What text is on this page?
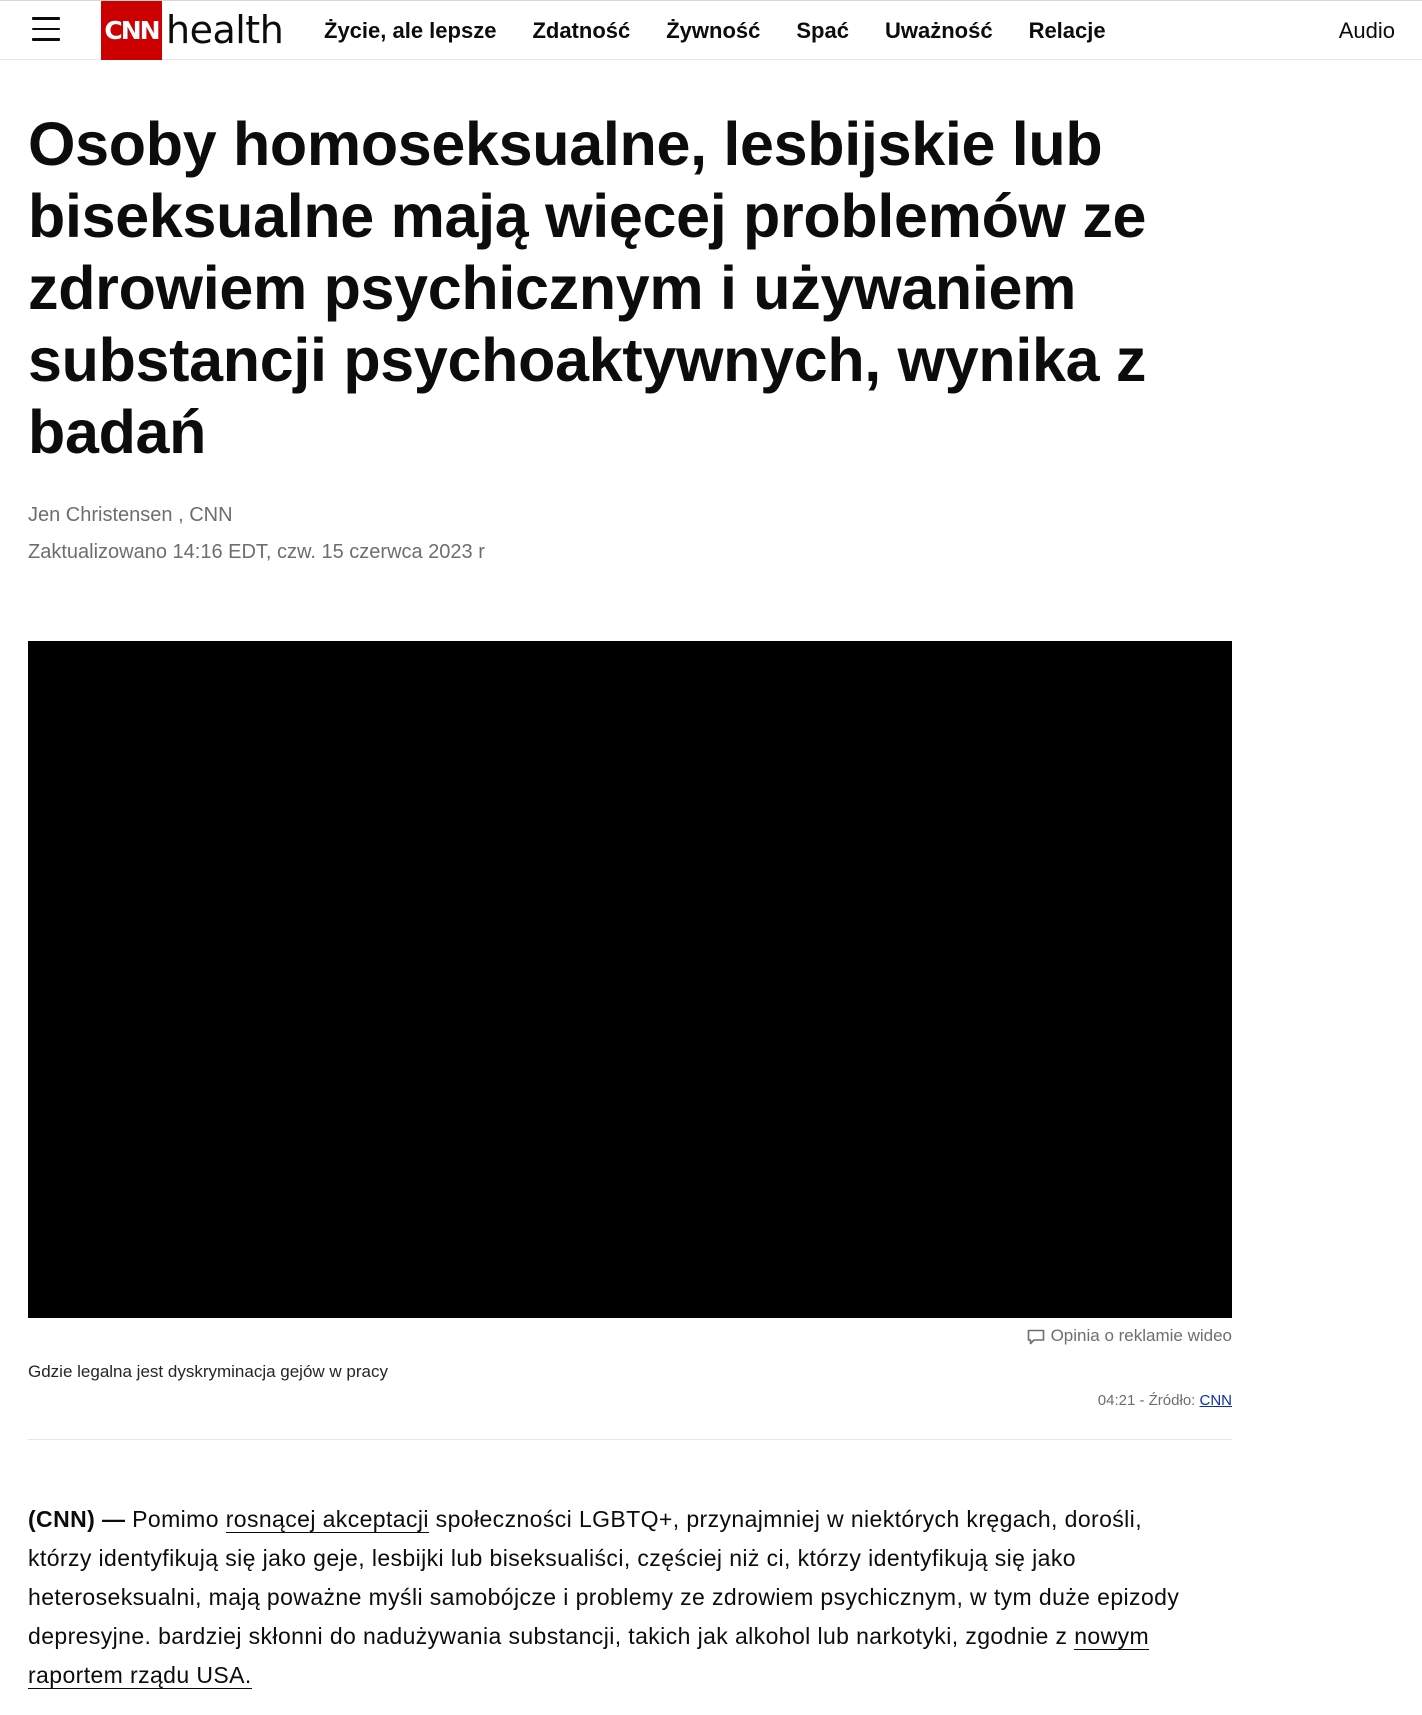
CNN health Życie, ale lepsze Zdatność Żywność Spać Uważność Relacje	Audio
Osoby homoseksualne, lesbijskie lub biseksualne mają więcej problemów ze zdrowiem psychicznym i używaniem substancji psychoaktywnych, wynika z badań
Jen Christensen , CNN
Zaktualizowano 14:16 EDT, czw. 15 czerwca 2023 r
Opinia o reklamie wideo
Gdzie legalna jest dyskryminacja gejów w pracy
04:21 - Źródło: CNN

(CNN) — Pomimo rosnącej akceptacji społeczności LGBTQ+, przynajmniej w niektórych kręgach, dorośli, którzy identyfikują się jako geje, lesbijki lub biseksualiści, częściej niż ci, którzy identyfikują się jako heteroseksualni, mają poważne myśli samobójcze i problemy ze zdrowiem psychicznym, w tym duże epizody depresyjne. bardziej skłonni do nadużywania substancji, takich jak alkohol lub narkotyki, zgodnie z nowym raportem rządu USA.
